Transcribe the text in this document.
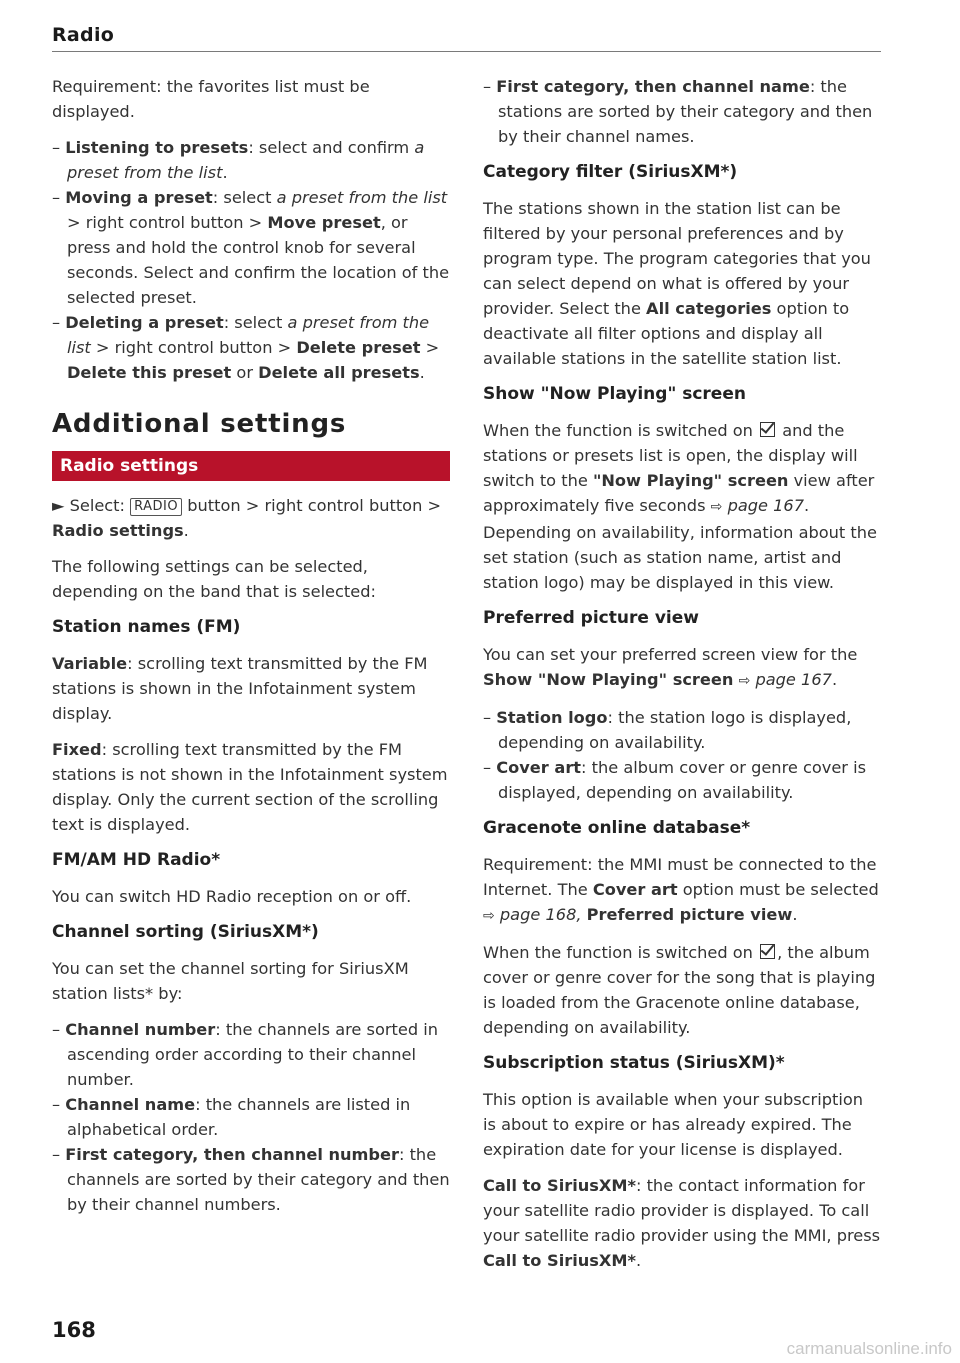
Radio

Requirement: the favorites list must be displayed.

– Listening to presets: select and confirm a preset from the list.

– Moving a preset: select a preset from the list > right control button > Move preset, or press and hold the control knob for several seconds. Select and confirm the location of the selected preset.

– Deleting a preset: select a preset from the list > right control button > Delete preset > Delete this preset or Delete all presets.

Additional settings

Radio settings

► Select: RADIO button > right control button > Radio settings.

The following settings can be selected, depending on the band that is selected:

Station names (FM)

Variable: scrolling text transmitted by the FM stations is shown in the Infotainment system display.

Fixed: scrolling text transmitted by the FM stations is not shown in the Infotainment system display. Only the current section of the scrolling text is displayed.

FM/AM HD Radio*

You can switch HD Radio reception on or off.

Channel sorting (SiriusXM*)

You can set the channel sorting for SiriusXM station lists* by:

– Channel number: the channels are sorted in ascending order according to their channel number.

– Channel name: the channels are listed in alphabetical order.

– First category, then channel number: the channels are sorted by their category and then by their channel numbers.

– First category, then channel name: the stations are sorted by their category and then by their channel names.

Category filter (SiriusXM*)

The stations shown in the station list can be filtered by your personal preferences and by program type. The program categories that you can select depend on what is offered by your provider. Select the All categories option to deactivate all filter options and display all available stations in the satellite station list.

Show "Now Playing" screen

When the function is switched on  and the stations or presets list is open, the display will switch to the "Now Playing" screen view after approximately five seconds ⇨ page 167. Depending on availability, information about the set station (such as station name, artist and station logo) may be displayed in this view.

Preferred picture view

You can set your preferred screen view for the Show "Now Playing" screen ⇨ page 167.

– Station logo: the station logo is displayed, depending on availability.

– Cover art: the album cover or genre cover is displayed, depending on availability.

Gracenote online database*

Requirement: the MMI must be connected to the Internet. The Cover art option must be selected ⇨ page 168, Preferred picture view.

When the function is switched on , the album cover or genre cover for the song that is playing is loaded from the Gracenote online database, depending on availability.

Subscription status (SiriusXM)*

This option is available when your subscription is about to expire or has already expired. The expiration date for your license is displayed.

Call to SiriusXM*: the contact information for your satellite radio provider is displayed. To call your satellite radio provider using the MMI, press Call to SiriusXM*.

168
carmanualsonline.info
